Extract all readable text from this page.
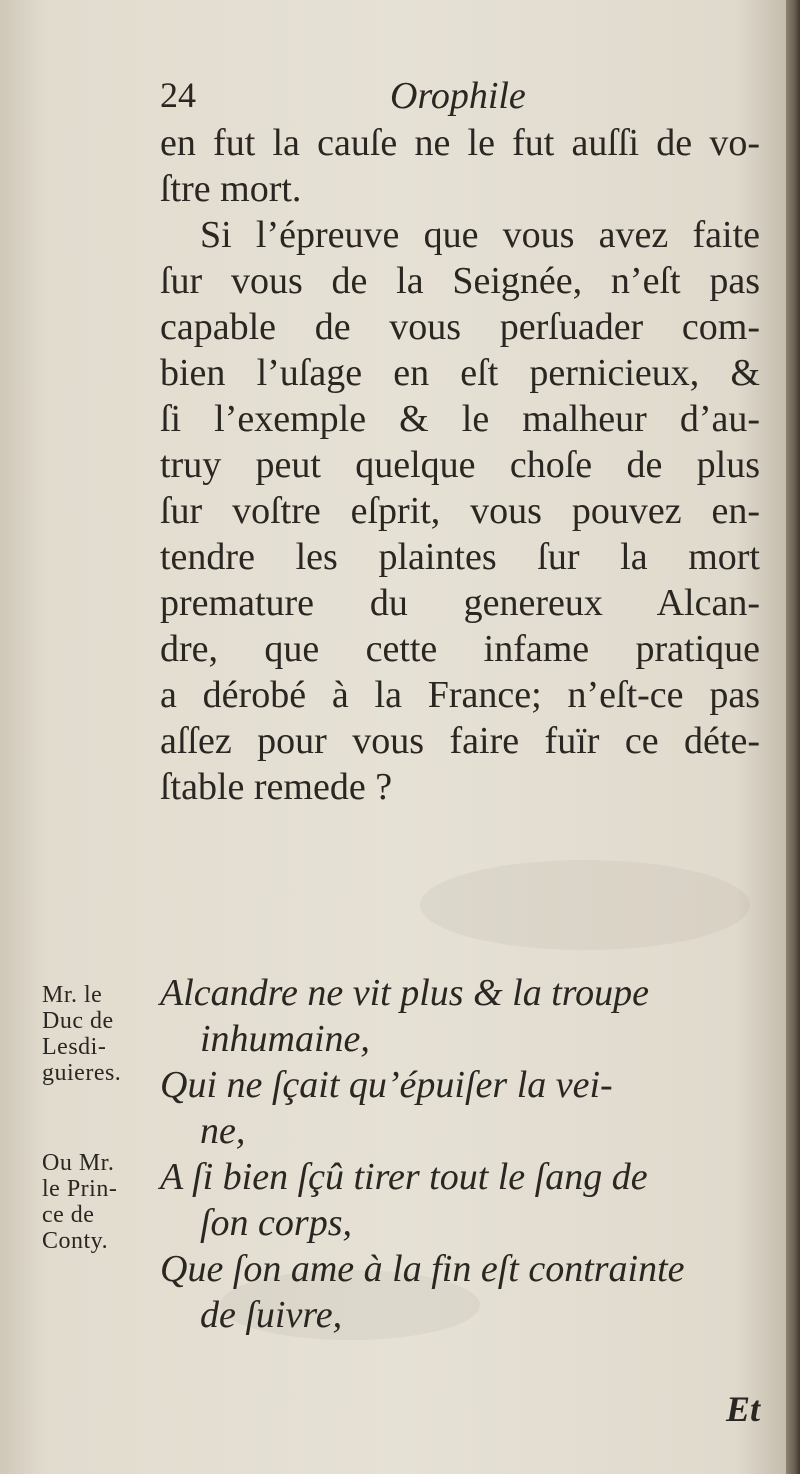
24	Orophile
en fut la cauſe ne le fut auſſi de vo-
ſtre mort.
Si l’épreuve que vous avez faite
ſur vous de la Seignée, n’eſt pas
capable de vous perſuader com-
bien l’uſage en eſt pernicieux, &
ſi l’exemple & le malheur d’au-
truy peut quelque choſe de plus
ſur voſtre eſprit, vous pouvez en-
tendre les plaintes ſur la mort
premature du genereux Alcan-
dre, que cette infame pratique
a dérobé à la France; n’eſt-ce pas
aſſez pour vous faire fuïr ce déte-
ſtable remede ?
Mr. le
Duc de
Lesdi-
guieres.
Ou Mr.
le Prin-
ce de
Conty.
Alcandre ne vit plus & la troupe
inhumaine,
Qui ne ſçait qu’épuiſer la vei-
ne,
A ſi bien ſçû tirer tout le ſang de
ſon corps,
Que ſon ame à la fin eſt contrainte
de ſuivre,
Et
